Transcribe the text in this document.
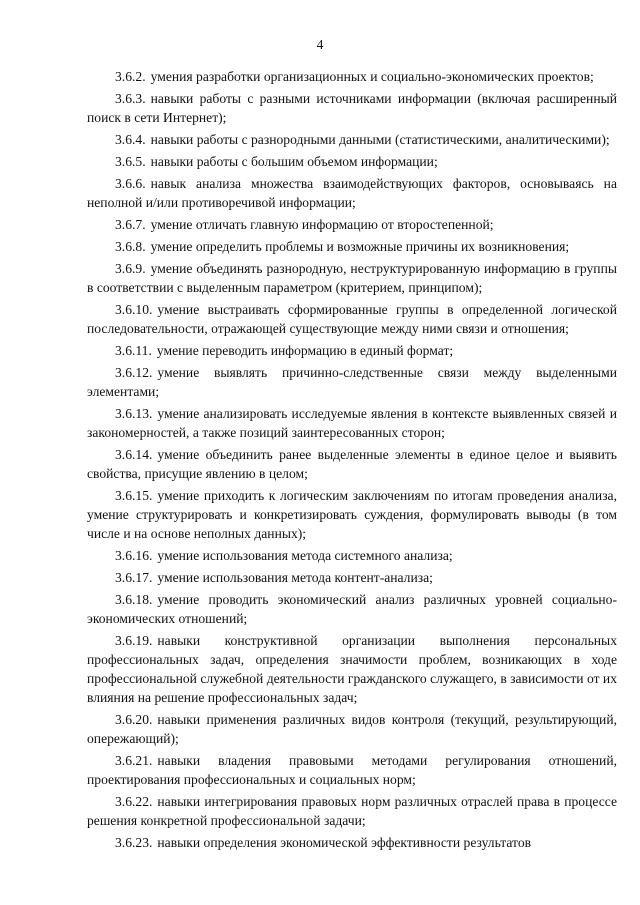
4

3.6.2. умения разработки организационных и социально-экономических проектов;

3.6.3. навыки работы с разными источниками информации (включая расширенный поиск в сети Интернет);

3.6.4. навыки работы с разнородными данными (статистическими, аналитическими);

3.6.5. навыки работы с большим объемом информации;

3.6.6. навык анализа множества взаимодействующих факторов, основываясь на неполной и/или противоречивой информации;

3.6.7. умение отличать главную информацию от второстепенной;

3.6.8. умение определить проблемы и возможные причины их возникновения;

3.6.9. умение объединять разнородную, неструктурированную информацию в группы в соответствии с выделенным параметром (критерием, принципом);

3.6.10. умение выстраивать сформированные группы в определенной логической последовательности, отражающей существующие между ними связи и отношения;

3.6.11. умение переводить информацию в единый формат;

3.6.12. умение выявлять причинно-следственные связи между выделенными элементами;

3.6.13. умение анализировать исследуемые явления в контексте выявленных связей и закономерностей, а также позиций заинтересованных сторон;

3.6.14. умение объединить ранее выделенные элементы в единое целое и выявить свойства, присущие явлению в целом;

3.6.15. умение приходить к логическим заключениям по итогам проведения анализа, умение структурировать и конкретизировать суждения, формулировать выводы (в том числе и на основе неполных данных);

3.6.16. умение использования метода системного анализа;

3.6.17. умение использования метода контент-анализа;

3.6.18. умение проводить экономический анализ различных уровней социально-экономических отношений;

3.6.19. навыки конструктивной организации выполнения персональных профессиональных задач, определения значимости проблем, возникающих в ходе профессиональной служебной деятельности гражданского служащего, в зависимости от их влияния на решение профессиональных задач;

3.6.20. навыки применения различных видов контроля (текущий, результирующий, опережающий);

3.6.21. навыки владения правовыми методами регулирования отношений, проектирования профессиональных и социальных норм;

3.6.22. навыки интегрирования правовых норм различных отраслей права в процессе решения конкретной профессиональной задачи;

3.6.23. навыки определения экономической эффективности результатов
